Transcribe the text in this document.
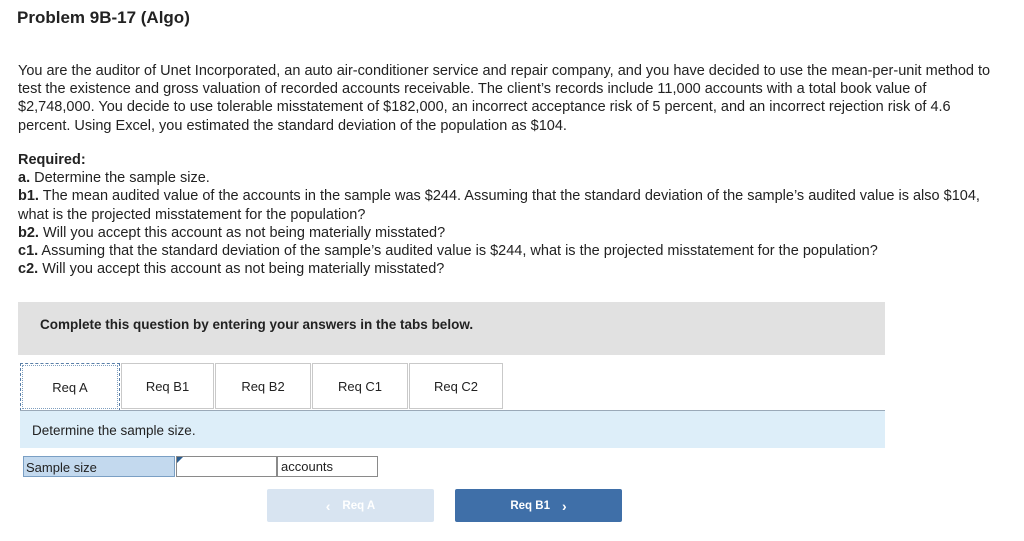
Problem 9B-17 (Algo)
You are the auditor of Unet Incorporated, an auto air-conditioner service and repair company, and you have decided to use the mean-per-unit method to test the existence and gross valuation of recorded accounts receivable. The client’s records include 11,000 accounts with a total book value of $2,748,000. You decide to use tolerable misstatement of $182,000, an incorrect acceptance risk of 5 percent, and an incorrect rejection risk of 4.6 percent. Using Excel, you estimated the standard deviation of the population as $104.
Required:
a. Determine the sample size.
b1. The mean audited value of the accounts in the sample was $244. Assuming that the standard deviation of the sample’s audited value is also $104, what is the projected misstatement for the population?
b2. Will you accept this account as not being materially misstated?
c1. Assuming that the standard deviation of the sample’s audited value is $244, what is the projected misstatement for the population?
c2. Will you accept this account as not being materially misstated?
Complete this question by entering your answers in the tabs below.
Req A	Req B1	Req B2	Req C1	Req C2
Determine the sample size.
Sample size	accounts
‹ Req A	Req B1 ›
